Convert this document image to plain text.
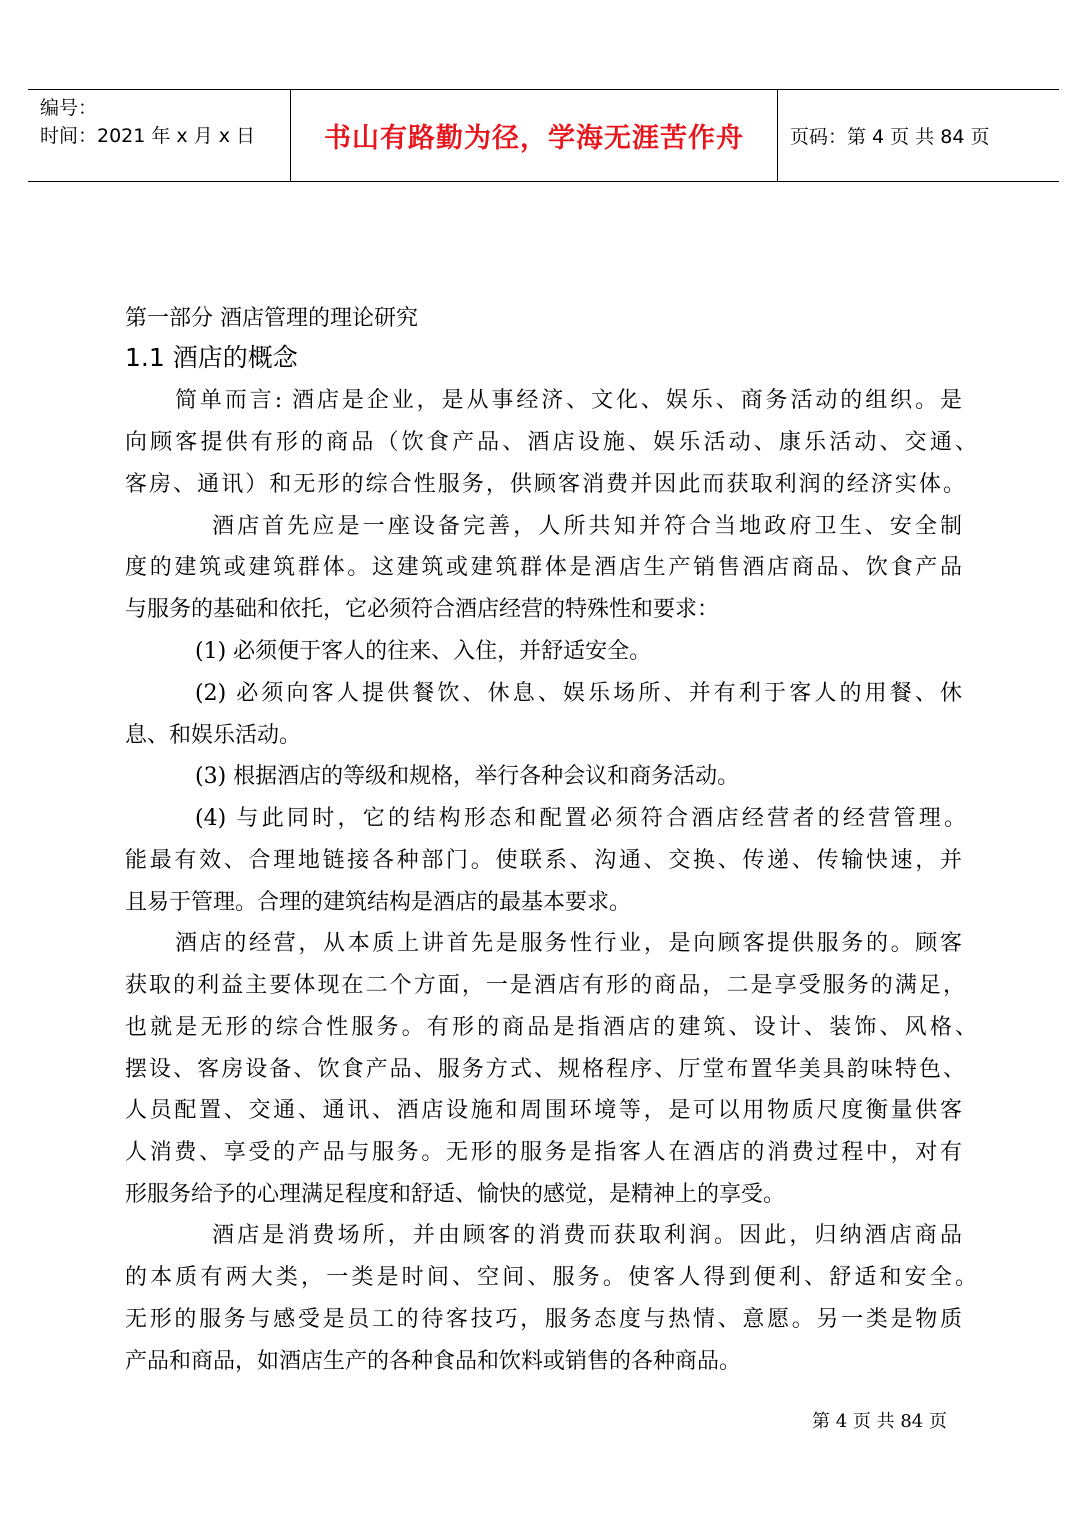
编号：
时间：2021 年 x 月 x 日	书山有路勤为径，学海无涯苦作舟	页码：第 4 页 共 84 页
第一部分 酒店管理的理论研究
1.1 酒店的概念
简单而言: 酒店是企业，是从事经济、文化、娱乐、商务活动的组织。是
向顾客提供有形的商品（饮食产品、酒店设施、娱乐活动、康乐活动、交通、
客房、通讯）和无形的综合性服务，供顾客消费并因此而获取利润的经济实体。
酒店首先应是一座设备完善，人所共知并符合当地政府卫生、安全制
度的建筑或建筑群体。这建筑或建筑群体是酒店生产销售酒店商品、饮食产品
与服务的基础和依托，它必须符合酒店经营的特殊性和要求：
(1) 必须便于客人的往来、入住，并舒适安全。
(2) 必须向客人提供餐饮、休息、娱乐场所、并有利于客人的用餐、休
息、和娱乐活动。
(3) 根据酒店的等级和规格，举行各种会议和商务活动。
(4) 与此同时，它的结构形态和配置必须符合酒店经营者的经营管理。
能最有效、合理地链接各种部门。使联系、沟通、交换、传递、传输快速，并
且易于管理。合理的建筑结构是酒店的最基本要求。
酒店的经营，从本质上讲首先是服务性行业，是向顾客提供服务的。顾客
获取的利益主要体现在二个方面，一是酒店有形的商品，二是享受服务的满足，
也就是无形的综合性服务。有形的商品是指酒店的建筑、设计、装饰、风格、
摆设、客房设备、饮食产品、服务方式、规格程序、厅堂布置华美具韵味特色、
人员配置、交通、通讯、酒店设施和周围环境等，是可以用物质尺度衡量供客
人消费、享受的产品与服务。无形的服务是指客人在酒店的消费过程中，对有
形服务给予的心理满足程度和舒适、愉快的感觉，是精神上的享受。
酒店是消费场所，并由顾客的消费而获取利润。因此，归纳酒店商品
的本质有两大类，一类是时间、空间、服务。使客人得到便利、舒适和安全。
无形的服务与感受是员工的待客技巧，服务态度与热情、意愿。另一类是物质
产品和商品，如酒店生产的各种食品和饮料或销售的各种商品。
第 4 页 共 84 页
